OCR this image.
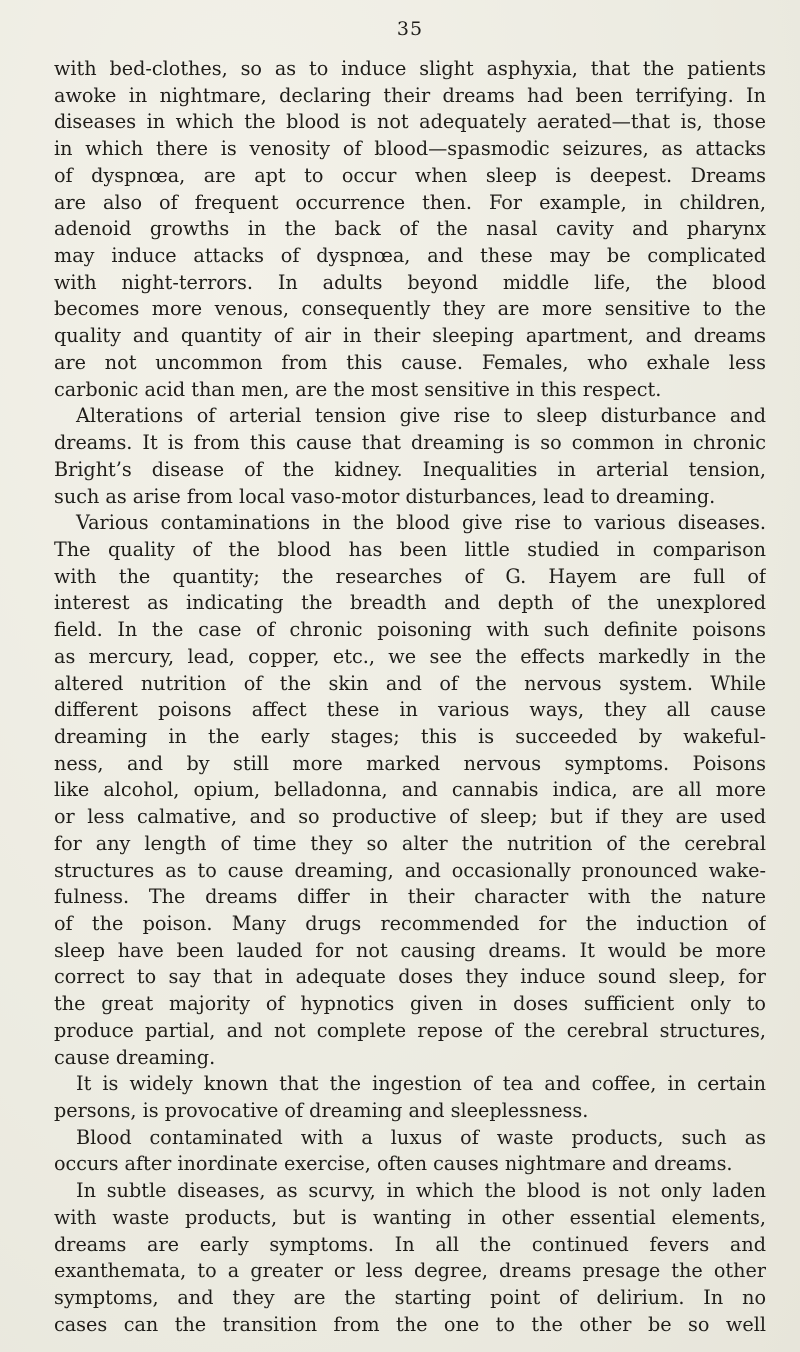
35
with bed-clothes, so as to induce slight asphyxia, that the patients
awoke in nightmare, declaring their dreams had been terrifying. In
diseases in which the blood is not adequately aerated—that is, those
in which there is venosity of blood—spasmodic seizures, as attacks
of dyspnœa, are apt to occur when sleep is deepest. Dreams
are also of frequent occurrence then. For example, in children,
adenoid growths in the back of the nasal cavity and pharynx
may induce attacks of dyspnœa, and these may be complicated
with night-terrors. In adults beyond middle life, the blood
becomes more venous, consequently they are more sensitive to the
quality and quantity of air in their sleeping apartment, and dreams
are not uncommon from this cause. Females, who exhale less
carbonic acid than men, are the most sensitive in this respect.
Alterations of arterial tension give rise to sleep disturbance and
dreams. It is from this cause that dreaming is so common in chronic
Bright’s disease of the kidney. Inequalities in arterial tension,
such as arise from local vaso-motor disturbances, lead to dreaming.
Various contaminations in the blood give rise to various diseases.
The quality of the blood has been little studied in comparison
with the quantity; the researches of G. Hayem are full of
interest as indicating the breadth and depth of the unexplored
field. In the case of chronic poisoning with such definite poisons
as mercury, lead, copper, etc., we see the effects markedly in the
altered nutrition of the skin and of the nervous system. While
different poisons affect these in various ways, they all cause
dreaming in the early stages; this is succeeded by wakeful-
ness, and by still more marked nervous symptoms. Poisons
like alcohol, opium, belladonna, and cannabis indica, are all more
or less calmative, and so productive of sleep; but if they are used
for any length of time they so alter the nutrition of the cerebral
structures as to cause dreaming, and occasionally pronounced wake-
fulness. The dreams differ in their character with the nature
of the poison. Many drugs recommended for the induction of
sleep have been lauded for not causing dreams. It would be more
correct to say that in adequate doses they induce sound sleep, for
the great majority of hypnotics given in doses sufficient only to
produce partial, and not complete repose of the cerebral structures,
cause dreaming.
It is widely known that the ingestion of tea and coffee, in certain
persons, is provocative of dreaming and sleeplessness.
Blood contaminated with a luxus of waste products, such as
occurs after inordinate exercise, often causes nightmare and dreams.
In subtle diseases, as scurvy, in which the blood is not only laden
with waste products, but is wanting in other essential elements,
dreams are early symptoms. In all the continued fevers and
exanthemata, to a greater or less degree, dreams presage the other
symptoms, and they are the starting point of delirium. In no
cases can the transition from the one to the other be so well
